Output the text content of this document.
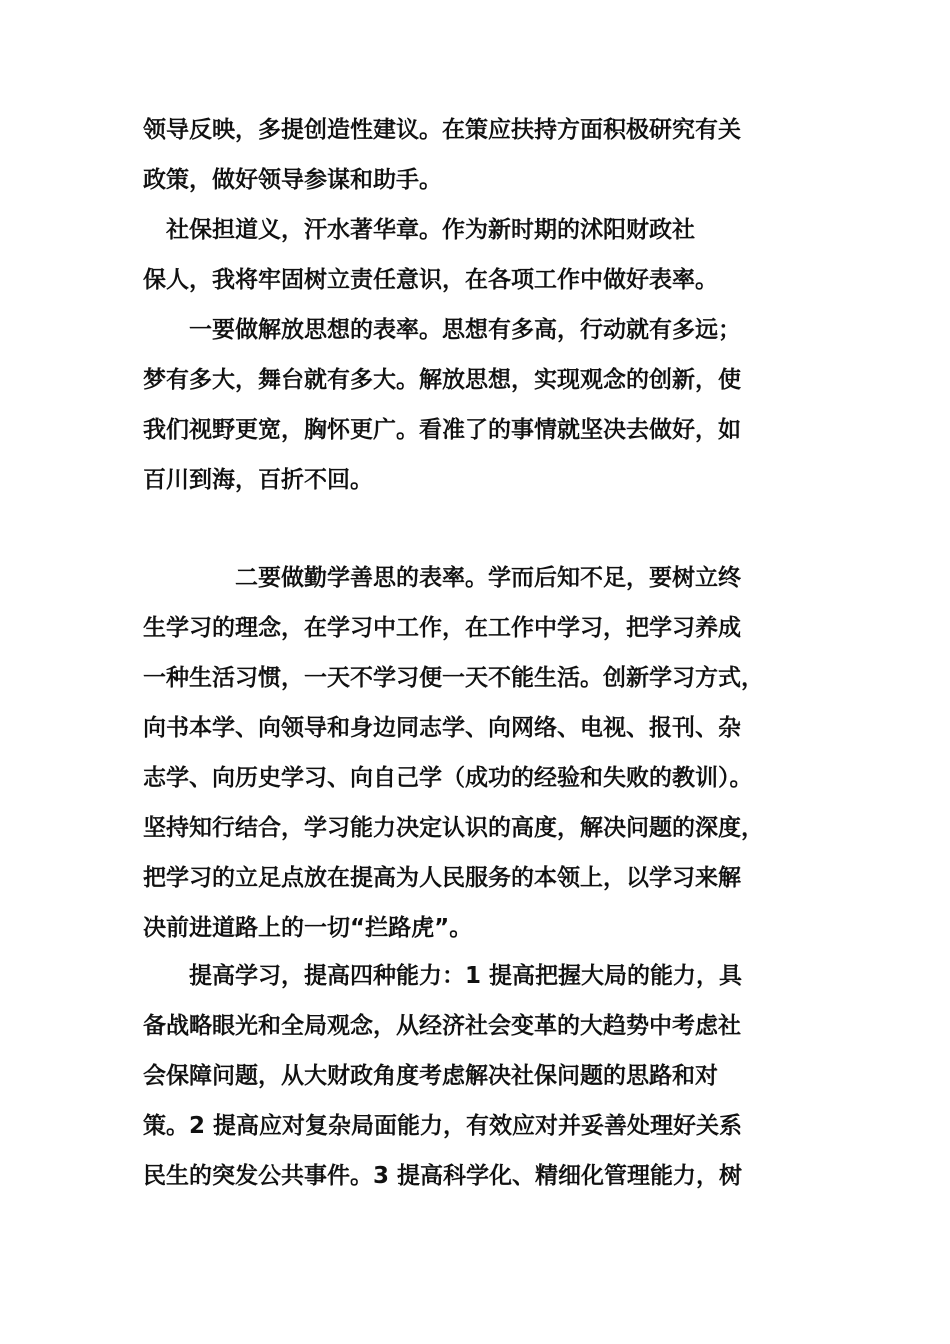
领导反映，多提创造性建议。在策应扶持方面积极研究有关
政策，做好领导参谋和助手。
　社保担道义，汗水著华章。作为新时期的沭阳财政社
保人，我将牢固树立责任意识，在各项工作中做好表率。
　　一要做解放思想的表率。思想有多高，行动就有多远；
梦有多大，舞台就有多大。解放思想，实现观念的创新，使
我们视野更宽，胸怀更广。看准了的事情就坚决去做好，如
百川到海，百折不回。
　　　　二要做勤学善思的表率。学而后知不足，要树立终
生学习的理念，在学习中工作，在工作中学习，把学习养成
一种生活习惯，一天不学习便一天不能生活。创新学习方式，
向书本学、向领导和身边同志学、向网络、电视、报刊、杂
志学、向历史学习、向自己学（成功的经验和失败的教训）。
坚持知行结合，学习能力决定认识的高度，解决问题的深度，
把学习的立足点放在提高为人民服务的本领上，以学习来解
决前进道路上的一切“拦路虎”。
　　提高学习，提高四种能力：1 提高把握大局的能力，具
备战略眼光和全局观念，从经济社会变革的大趋势中考虑社
会保障问题，从大财政角度考虑解决社保问题的思路和对
策。2 提高应对复杂局面能力，有效应对并妥善处理好关系
民生的突发公共事件。3 提高科学化、精细化管理能力，树
